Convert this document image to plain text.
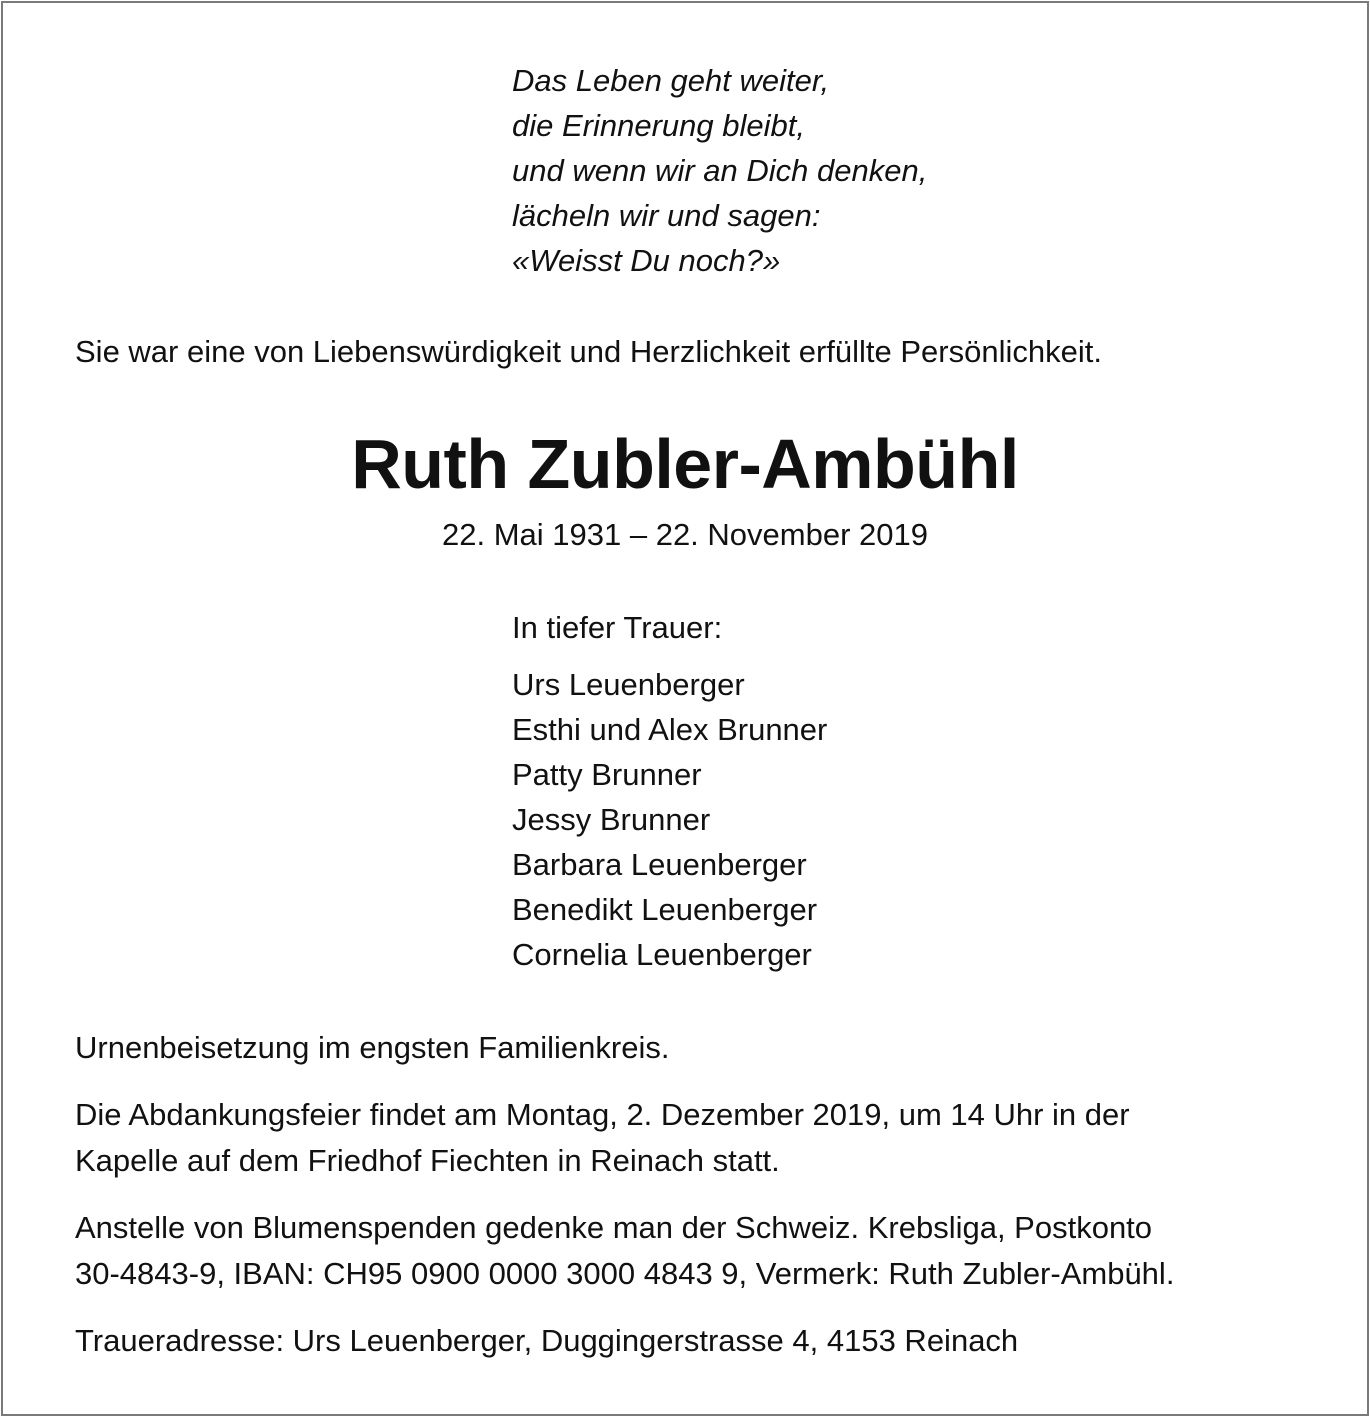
Das Leben geht weiter,
die Erinnerung bleibt,
und wenn wir an Dich denken,
lächeln wir und sagen:
«Weisst Du noch?»
Sie war eine von Liebenswürdigkeit und Herzlichkeit erfüllte Persönlichkeit.
Ruth Zubler-Ambühl
22. Mai 1931 – 22. November 2019
In tiefer Trauer:
Urs Leuenberger
Esthi und Alex Brunner
Patty Brunner
Jessy Brunner
Barbara Leuenberger
Benedikt Leuenberger
Cornelia Leuenberger
Urnenbeisetzung im engsten Familienkreis.
Die Abdankungsfeier findet am Montag, 2. Dezember 2019, um 14 Uhr in der
Kapelle auf dem Friedhof Fiechten in Reinach statt.
Anstelle von Blumenspenden gedenke man der Schweiz. Krebsliga, Postkonto
30-4843-9, IBAN: CH95 0900 0000 3000 4843 9, Vermerk: Ruth Zubler-Ambühl.
Traueradresse: Urs Leuenberger, Duggingerstrasse 4, 4153 Reinach
